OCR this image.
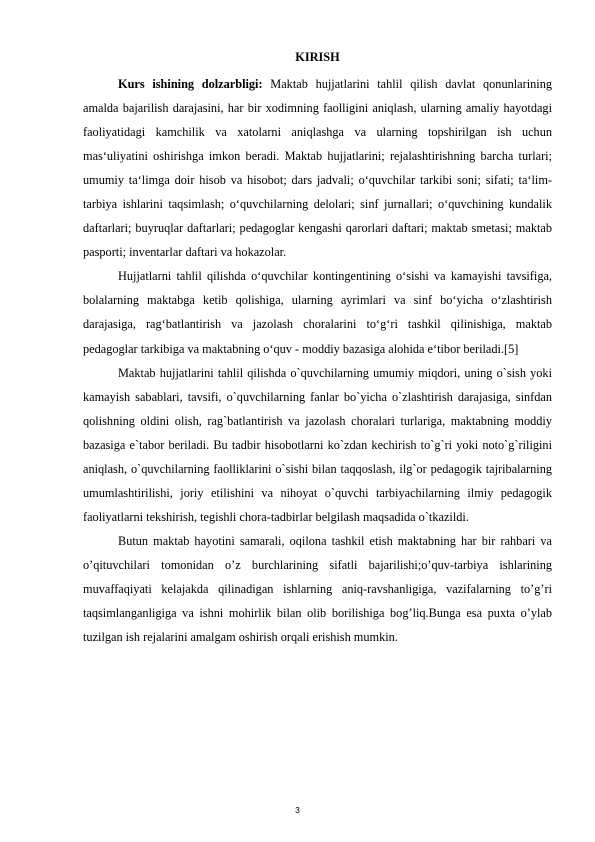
KIRISH

Kurs ishining dolzarbligi: Maktab hujjatlarini tahlil qilish davlat qonunlarining amalda bajarilish darajasini, har bir xodimning faolligini aniqlash, ularning amaliy hayotdagi faoliyatidagi kamchilik va xatolarni aniqlashga va ularning topshirilgan ish uchun mas‘uliyatini oshirishga imkon beradi. Maktab hujjatlarini; rejalashtirishning barcha turlari; umumiy ta‘limga doir hisob va hisobot; dars jadvali; o‘quvchilar tarkibi soni; sifati; ta‘lim- tarbiya ishlarini taqsimlash; o‘quvchilarning delolari; sinf jurnallari; o‘quvchining kundalik daftarlari; buyruqlar daftarlari; pedagoglar kengashi qarorlari daftari; maktab smetasi; maktab pasporti; inventarlar daftari va hokazolar.

Hujjatlarni tahlil qilishda o‘quvchilar kontingentining o‘sishi va kamayishi tavsifiga, bolalarning maktabga ketib qolishiga, ularning ayrimlari va sinf bo‘yicha o‘zlashtirish darajasiga, rag‘batlantirish va jazolash choralarini to‘g‘ri tashkil qilinishiga, maktab pedagoglar tarkibiga va maktabning o‘quv - moddiy bazasiga alohida e‘tibor beriladi.[5]

Maktab hujjatlarini tahlil qilishda o`quvchilarning umumiy miqdori, uning o`sish yoki kamayish sabablari, tavsifi, o`quvchilarning fanlar bo`yicha o`zlashtirish darajasiga, sinfdan qolishning oldini olish, rag`batlantirish va jazolash choralari turlariga, maktabning moddiy bazasiga e`tabor beriladi. Bu tadbir hisobotlarni ko`zdan kechirish to`g`ri yoki noto`g`riligini aniqlash, o`quvchilarning faolliklarini o`sishi bilan taqqoslash, ilg`or pedagogik tajribalarning umumlashtirilishi, joriy etilishini va nihoyat o`quvchi tarbiyachilarning ilmiy pedagogik faoliyatlarni tekshirish, tegishli chora-tadbirlar belgilash maqsadida o`tkazildi.

Butun maktab hayotini samarali, oqilona tashkil etish maktabning har bir rahbari va o’qituvchilari tomonidan o’z burchlarining sifatli bajarilishi;o’quv-tarbiya ishlarining muvaffaqiyati kelajakda qilinadigan ishlarning aniq-ravshanligiga, vazifalarning to’g’ri taqsimlanganligiga va ishni mohirlik bilan olib borilishiga bog’liq.Bunga esa puxta o’ylab tuzilgan ish rejalarini amalgam oshirish orqali erishish mumkin.

3
